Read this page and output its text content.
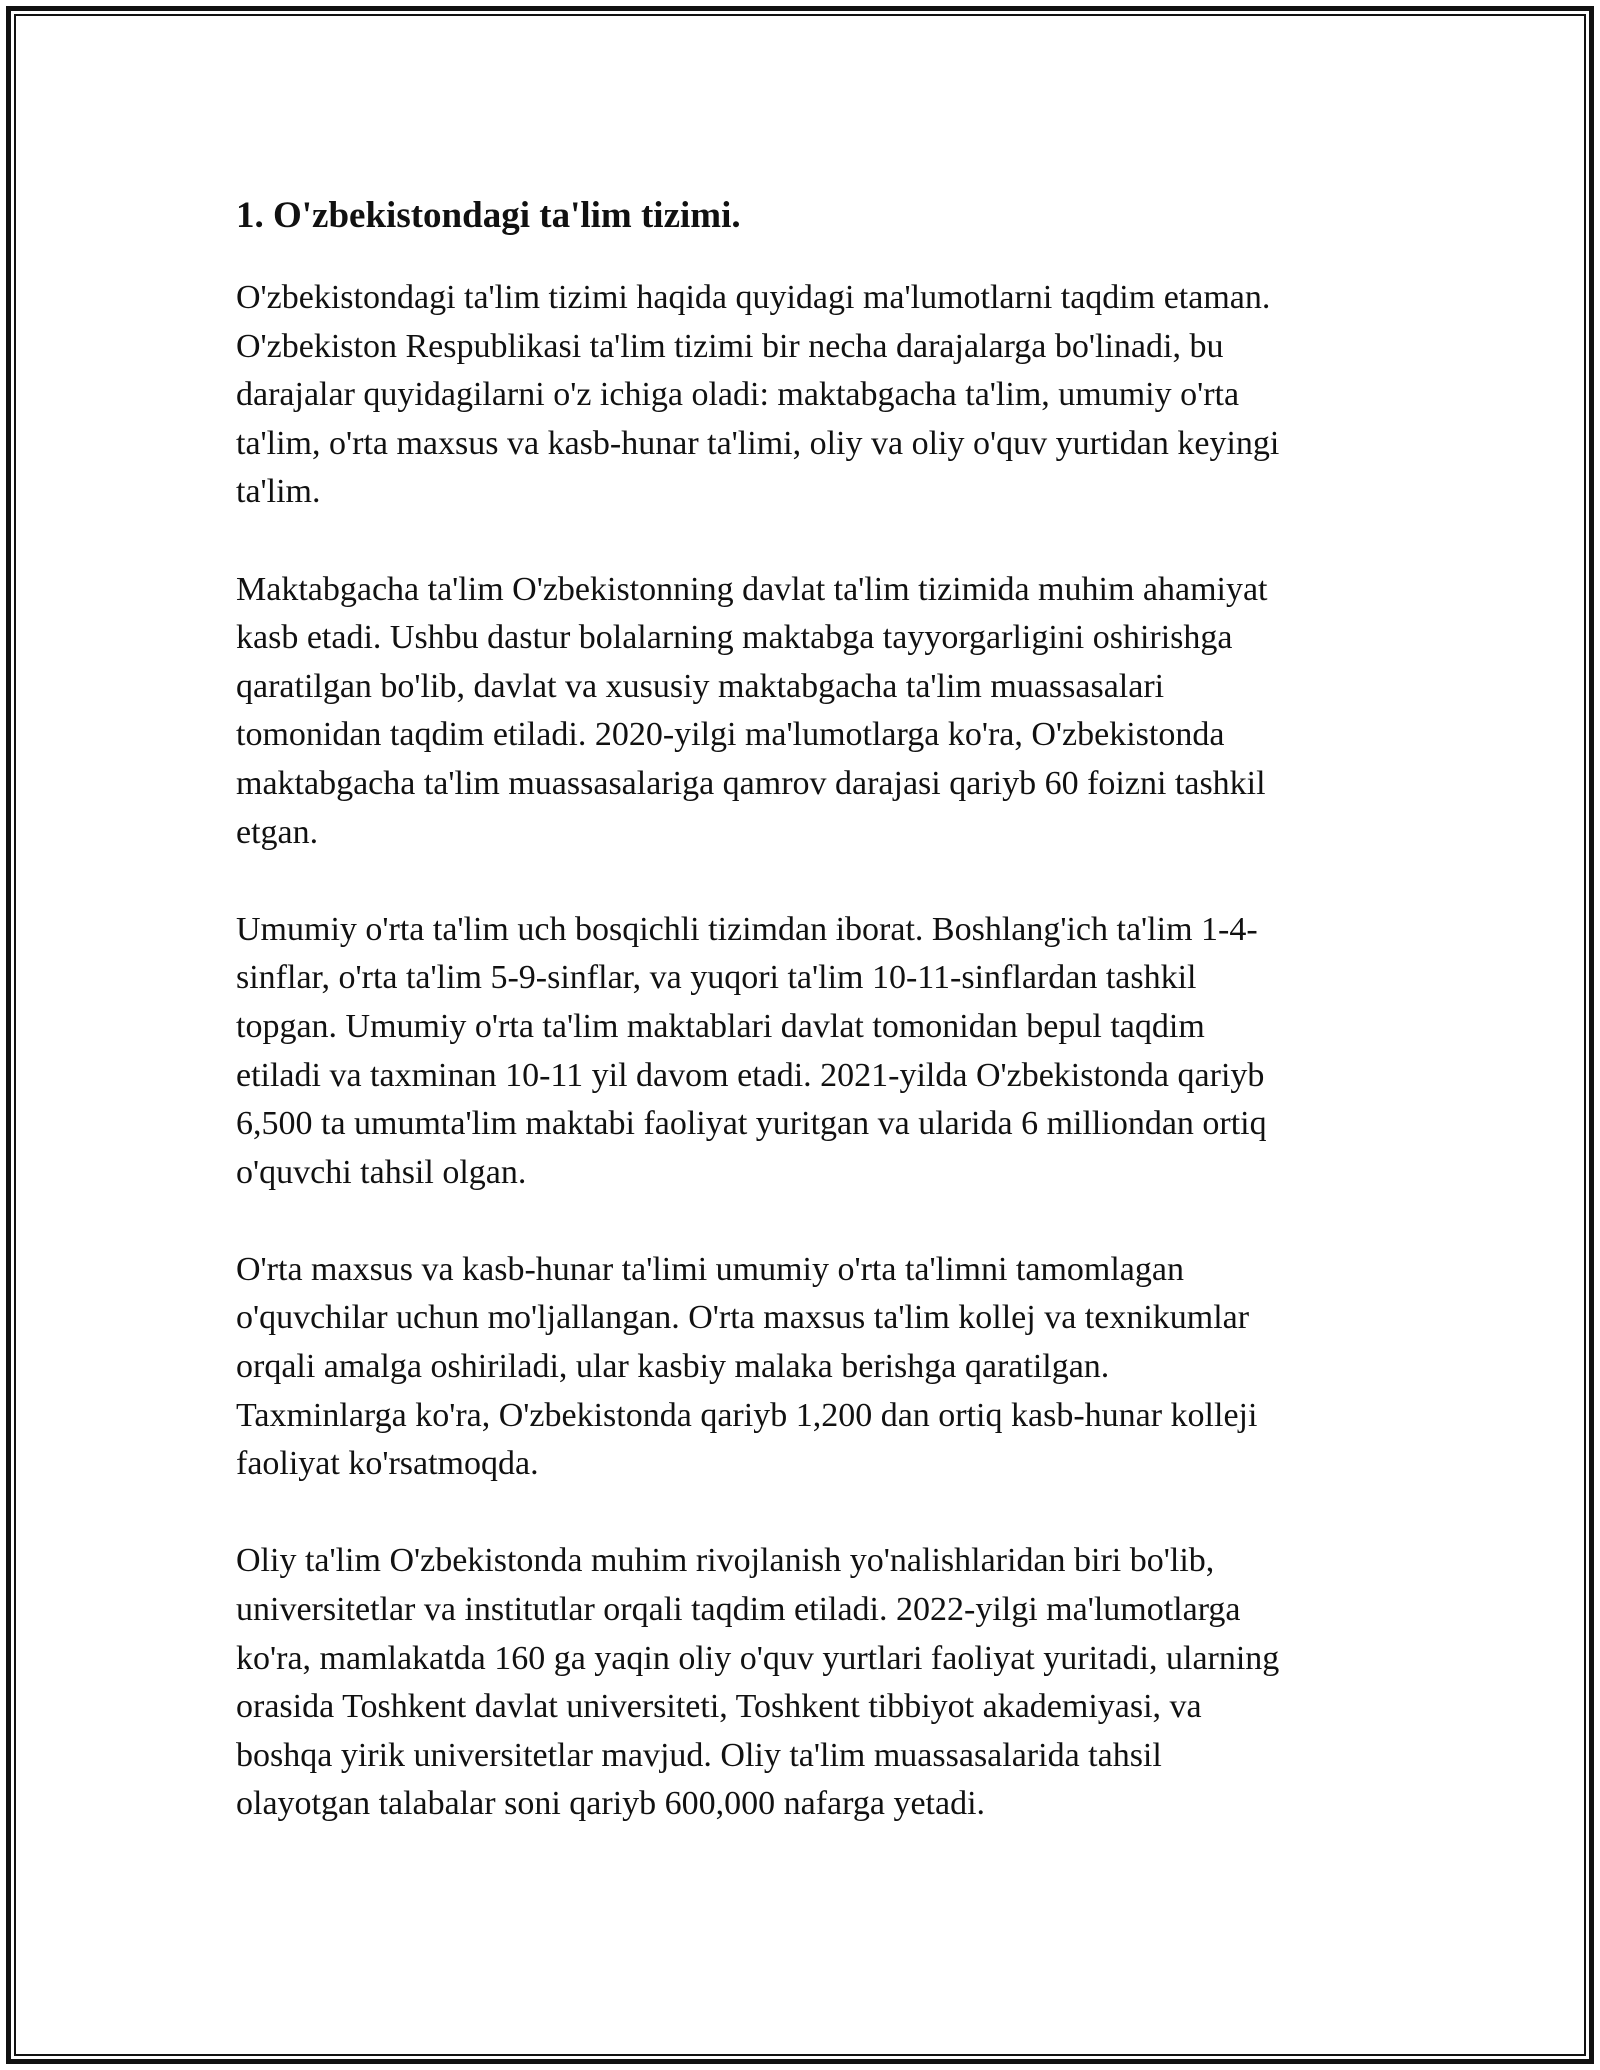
1. O'zbekistondagi ta'lim tizimi.

O'zbekistondagi ta'lim tizimi haqida quyidagi ma'lumotlarni taqdim etaman.
O'zbekiston Respublikasi ta'lim tizimi bir necha darajalarga bo'linadi, bu
darajalar quyidagilarni o'z ichiga oladi: maktabgacha ta'lim, umumiy o'rta
ta'lim, o'rta maxsus va kasb-hunar ta'limi, oliy va oliy o'quv yurtidan keyingi
ta'lim.

Maktabgacha ta'lim O'zbekistonning davlat ta'lim tizimida muhim ahamiyat
kasb etadi. Ushbu dastur bolalarning maktabga tayyorgarligini oshirishga
qaratilgan bo'lib, davlat va xususiy maktabgacha ta'lim muassasalari
tomonidan taqdim etiladi. 2020-yilgi ma'lumotlarga ko'ra, O'zbekistonda
maktabgacha ta'lim muassasalariga qamrov darajasi qariyb 60 foizni tashkil
etgan.

Umumiy o'rta ta'lim uch bosqichli tizimdan iborat. Boshlang'ich ta'lim 1-4-
sinflar, o'rta ta'lim 5-9-sinflar, va yuqori ta'lim 10-11-sinflardan tashkil
topgan. Umumiy o'rta ta'lim maktablari davlat tomonidan bepul taqdim
etiladi va taxminan 10-11 yil davom etadi. 2021-yilda O'zbekistonda qariyb
6,500 ta umumta'lim maktabi faoliyat yuritgan va ularida 6 milliondan ortiq
o'quvchi tahsil olgan.

O'rta maxsus va kasb-hunar ta'limi umumiy o'rta ta'limni tamomlagan
o'quvchilar uchun mo'ljallangan. O'rta maxsus ta'lim kollej va texnikumlar
orqali amalga oshiriladi, ular kasbiy malaka berishga qaratilgan.
Taxminlarga ko'ra, O'zbekistonda qariyb 1,200 dan ortiq kasb-hunar kolleji
faoliyat ko'rsatmoqda.

Oliy ta'lim O'zbekistonda muhim rivojlanish yo'nalishlaridan biri bo'lib,
universitetlar va institutlar orqali taqdim etiladi. 2022-yilgi ma'lumotlarga
ko'ra, mamlakatda 160 ga yaqin oliy o'quv yurtlari faoliyat yuritadi, ularning
orasida Toshkent davlat universiteti, Toshkent tibbiyot akademiyasi, va
boshqa yirik universitetlar mavjud. Oliy ta'lim muassasalarida tahsil
olayotgan talabalar soni qariyb 600,000 nafarga yetadi.
